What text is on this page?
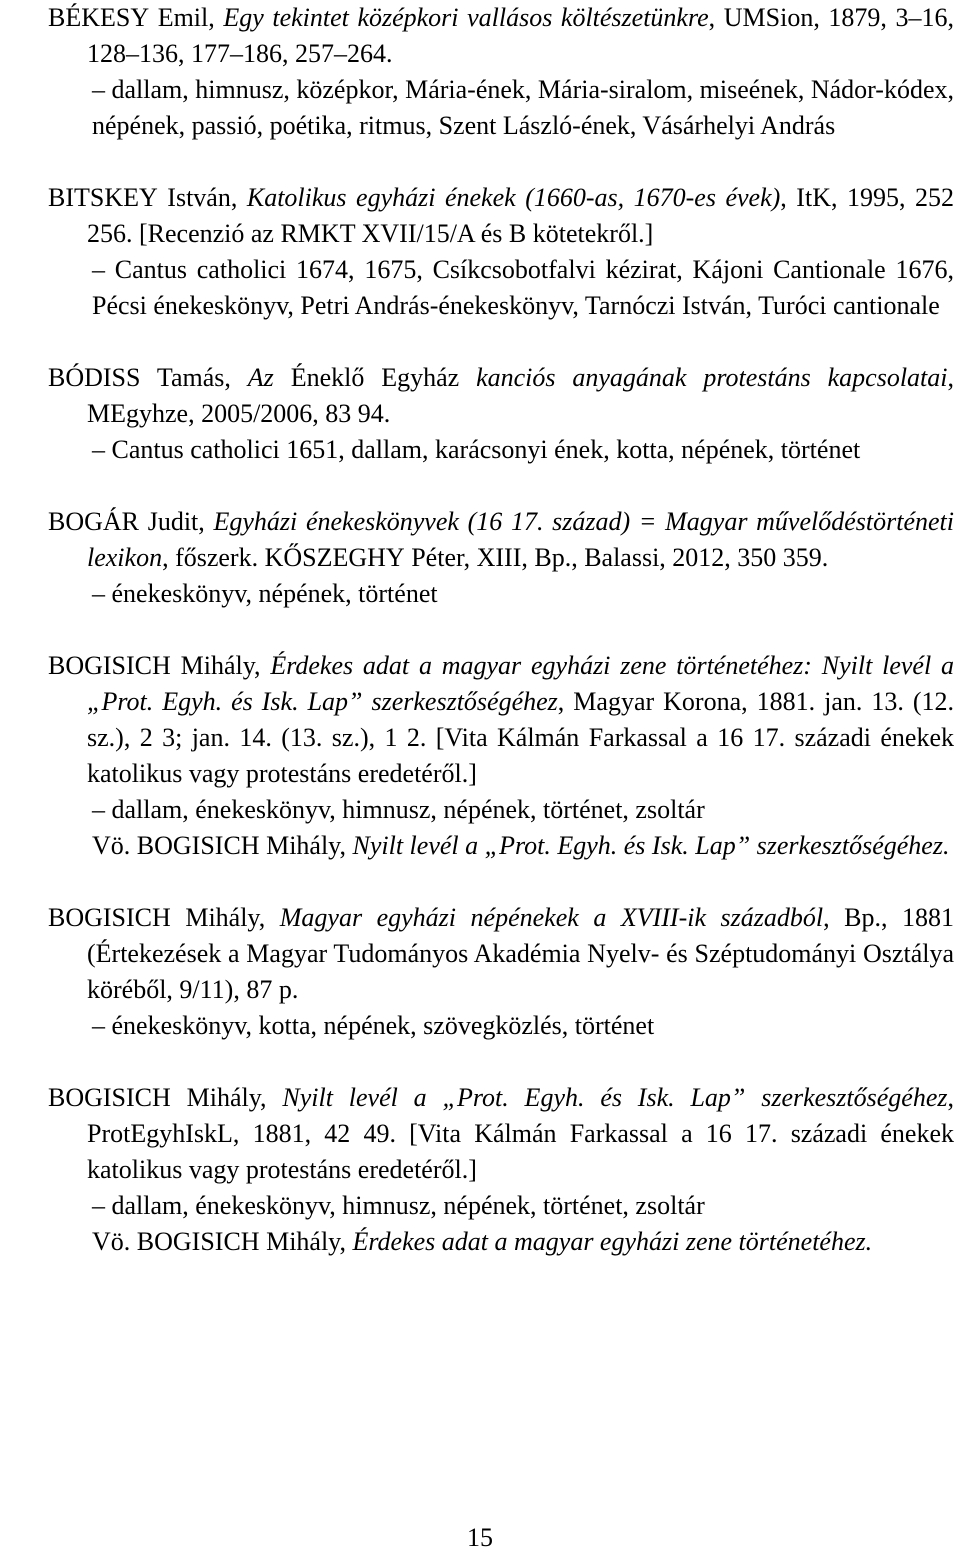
BÉKESY Emil, Egy tekintet középkori vallásos költészetünkre, UMSion, 1879, 3–16, 128–136, 177–186, 257–264.

– dallam, himnusz, középkor, Mária-ének, Mária-siralom, miseének, Nádor-kódex, népének, passió, poétika, ritmus, Szent László-ének, Vásárhelyi András

BITSKEY István, Katolikus egyházi énekek (1660-as, 1670-es évek), ItK, 1995, 252 256. [Recenzió az RMKT XVII/15/A és B kötetekről.]

– Cantus catholici 1674, 1675, Csíkcsobotfalvi kézirat, Kájoni Cantionale 1676, Pécsi énekeskönyv, Petri András-énekeskönyv, Tarnóczi István, Turóci cantionale

BÓDISS Tamás, Az Éneklő Egyház kanciós anyagának protestáns kapcsolatai, MEgyhze, 2005/2006, 83 94.

– Cantus catholici 1651, dallam, karácsonyi ének, kotta, népének, történet

BOGÁR Judit, Egyházi énekeskönyvek (16 17. század) = Magyar művelődéstörténeti lexikon, főszerk. KŐSZEGHY Péter, XIII, Bp., Balassi, 2012, 350 359.

– énekeskönyv, népének, történet

BOGISICH Mihály, Érdekes adat a magyar egyházi zene történetéhez: Nyilt levél a „Prot. Egyh. és Isk. Lap” szerkesztőségéhez, Magyar Korona, 1881. jan. 13. (12. sz.), 2 3; jan. 14. (13. sz.), 1 2. [Vita Kálmán Farkassal a 16 17. századi énekek katolikus vagy protestáns eredetéről.]

– dallam, énekeskönyv, himnusz, népének, történet, zsoltár

Vö. BOGISICH Mihály, Nyilt levél a „Prot. Egyh. és Isk. Lap” szerkesztőségéhez.

BOGISICH Mihály, Magyar egyházi népénekek a XVIII-ik századból, Bp., 1881 (Értekezések a Magyar Tudományos Akadémia Nyelv- és Széptudományi Osztálya köréből, 9/11), 87 p.

– énekeskönyv, kotta, népének, szövegközlés, történet

BOGISICH Mihály, Nyilt levél a „Prot. Egyh. és Isk. Lap” szerkesztőségéhez, ProtEgyhIskL, 1881, 42 49. [Vita Kálmán Farkassal a 16 17. századi énekek katolikus vagy protestáns eredetéről.]

– dallam, énekeskönyv, himnusz, népének, történet, zsoltár

Vö. BOGISICH Mihály, Érdekes adat a magyar egyházi zene történetéhez.

15
